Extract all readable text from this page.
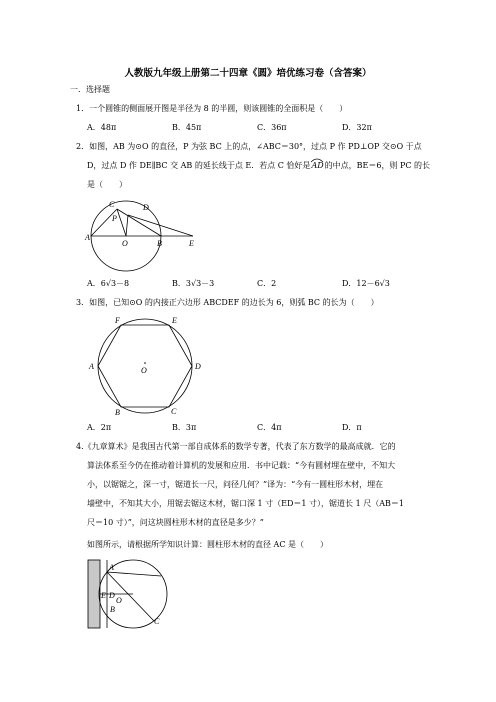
人教版九年级上册第二十四章《圆》培优练习卷（含答案）
一．选择题
1．一个圆锥的侧面展开图是半径为 8 的半圆，则该圆锥的全面积是（　　）
A．48π	B．45π	C．36π	D．32π
2．如图，AB 为⊙O 的直径，P 为弦 BC 上的点，∠ABC＝30°，过点 P 作 PD⊥OP 交⊙O 于点
D，过点 D 作 DE∥BC 交 AB 的延长线于点 E．若点 C 恰好是
AD的中点，BE＝6，则 PC 的长
是（　　）
C	D
P
A
O	B	E
A．6√3－8	B．3√3－3	C．2	D．12－6√3
3．如图，已知⊙O 的内接正六边形 ABCDEF 的边长为 6，则弧 BC 的长为（　　）
F	E
A	D
O
B	C
A．2π	B．3π	C．4π	D．π
4.《九章算术》是我国古代第一部自成体系的数学专著，代表了东方数学的最高成就．它的
算法体系至今仍在推动着计算机的发展和应用．书中记载：“今有圆材埋在壁中，不知大
小，以锯锯之，深一寸，锯道长一尺，问径几何？”译为：“今有一圆柱形木材，埋在
墙壁中，不知其大小，用锯去锯这木材，锯口深 1 寸（ED＝1 寸），锯道长 1 尺（AB＝1
尺＝10 寸）”，问这块圆柱形木材的直径是多少？”
如图所示，请根据所学知识计算：圆柱形木材的直径 AC 是（　　）
A
E D
O
B
C
